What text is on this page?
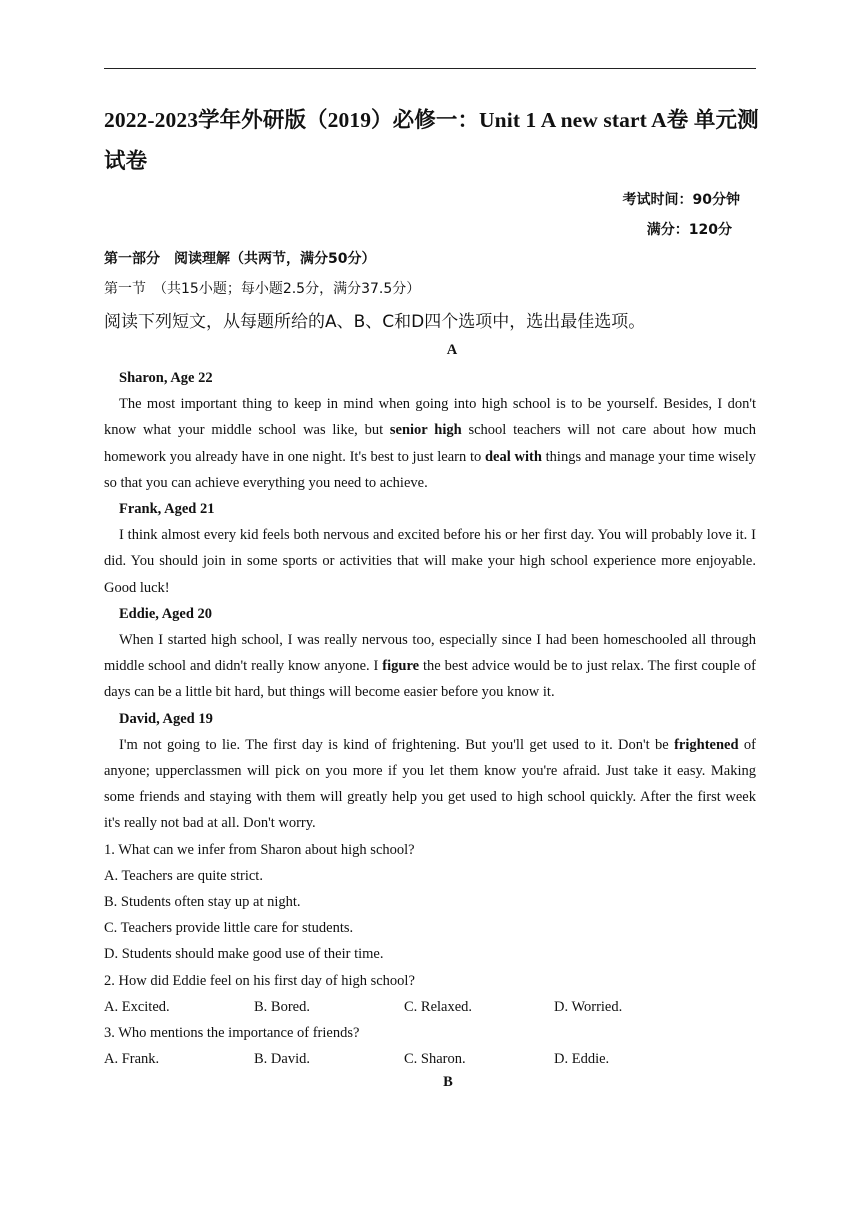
2022-2023学年外研版（2019）必修一：Unit 1 A new start A卷 单元测试卷
考试时间：90分钟
满分：120分
第一部分　阅读理解（共两节，满分50分）
第一节　（共15小题；每小题2.5分，满分37.5分）
阅读下列短文，从每题所给的A、B、C和D四个选项中，选出最佳选项。
A

Sharon, Age 22

The most important thing to keep in mind when going into high school is to be yourself. Besides, I don't know what your middle school was like, but senior high school teachers will not care about how much homework you already have in one night. It's best to just learn to deal with things and manage your time wisely so that you can achieve everything you need to achieve.

Frank, Aged 21

I think almost every kid feels both nervous and excited before his or her first day. You will probably love it. I did. You should join in some sports or activities that will make your high school experience more enjoyable. Good luck!

Eddie, Aged 20

When I started high school, I was really nervous too, especially since I had been homeschooled all through middle school and didn't really know anyone. I figure the best advice would be to just relax. The first couple of days can be a little bit hard, but things will become easier before you know it.

David, Aged 19

I'm not going to lie. The first day is kind of frightening. But you'll get used to it. Don't be frightened of anyone; upperclassmen will pick on you more if you let them know you're afraid. Just take it easy. Making some friends and staying with them will greatly help you get used to high school quickly. After the first week it's really not bad at all. Don't worry.

1. What can we infer from Sharon about high school?

A. Teachers are quite strict.

B. Students often stay up at night.

C. Teachers provide little care for students.

D. Students should make good use of their time.

2. How did Eddie feel on his first day of high school?

A. Excited.	B. Bored.	C. Relaxed.	D. Worried.

3. Who mentions the importance of friends?

A. Frank.	B. David.	C. Sharon.	D. Eddie.

B
